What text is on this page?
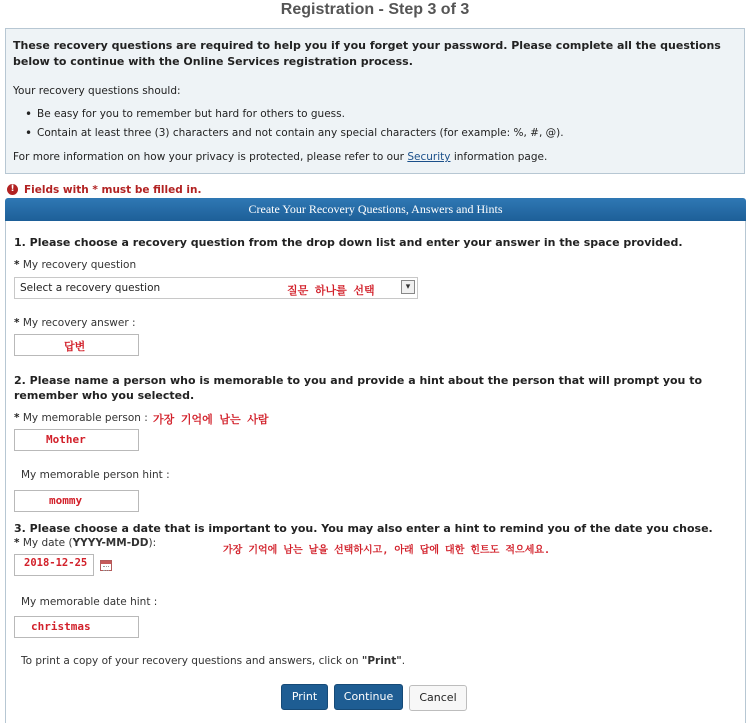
Registration - Step 3 of 3
These recovery questions are required to help you if you forget your password. Please complete all the questions below to continue with the Online Services registration process.
Your recovery questions should:
• Be easy for you to remember but hard for others to guess.
• Contain at least three (3) characters and not contain any special characters (for example: %, #, @).
For more information on how your privacy is protected, please refer to our Security information page.
! Fields with * must be filled in.
Create Your Recovery Questions, Answers and Hints
1. Please choose a recovery question from the drop down list and enter your answer in the space provided.
* My recovery question
Select a recovery question	▾
질문 하나를 선택
* My recovery answer :
답변
2. Please name a person who is memorable to you and provide a hint about the person that will prompt you to remember who you selected.
* My memorable person : 가장 기억에 남는 사람
Mother
My memorable person hint :
mommy
3. Please choose a date that is important to you. You may also enter a hint to remind you of the date you chose.
* My date (YYYY-MM-DD):
가장 기억에 남는 날을 선택하시고, 아래 답에 대한 힌트도 적으세요.
2018-12-25
My memorable date hint :
christmas
To print a copy of your recovery questions and answers, click on "Print".
Print	Continue	Cancel
